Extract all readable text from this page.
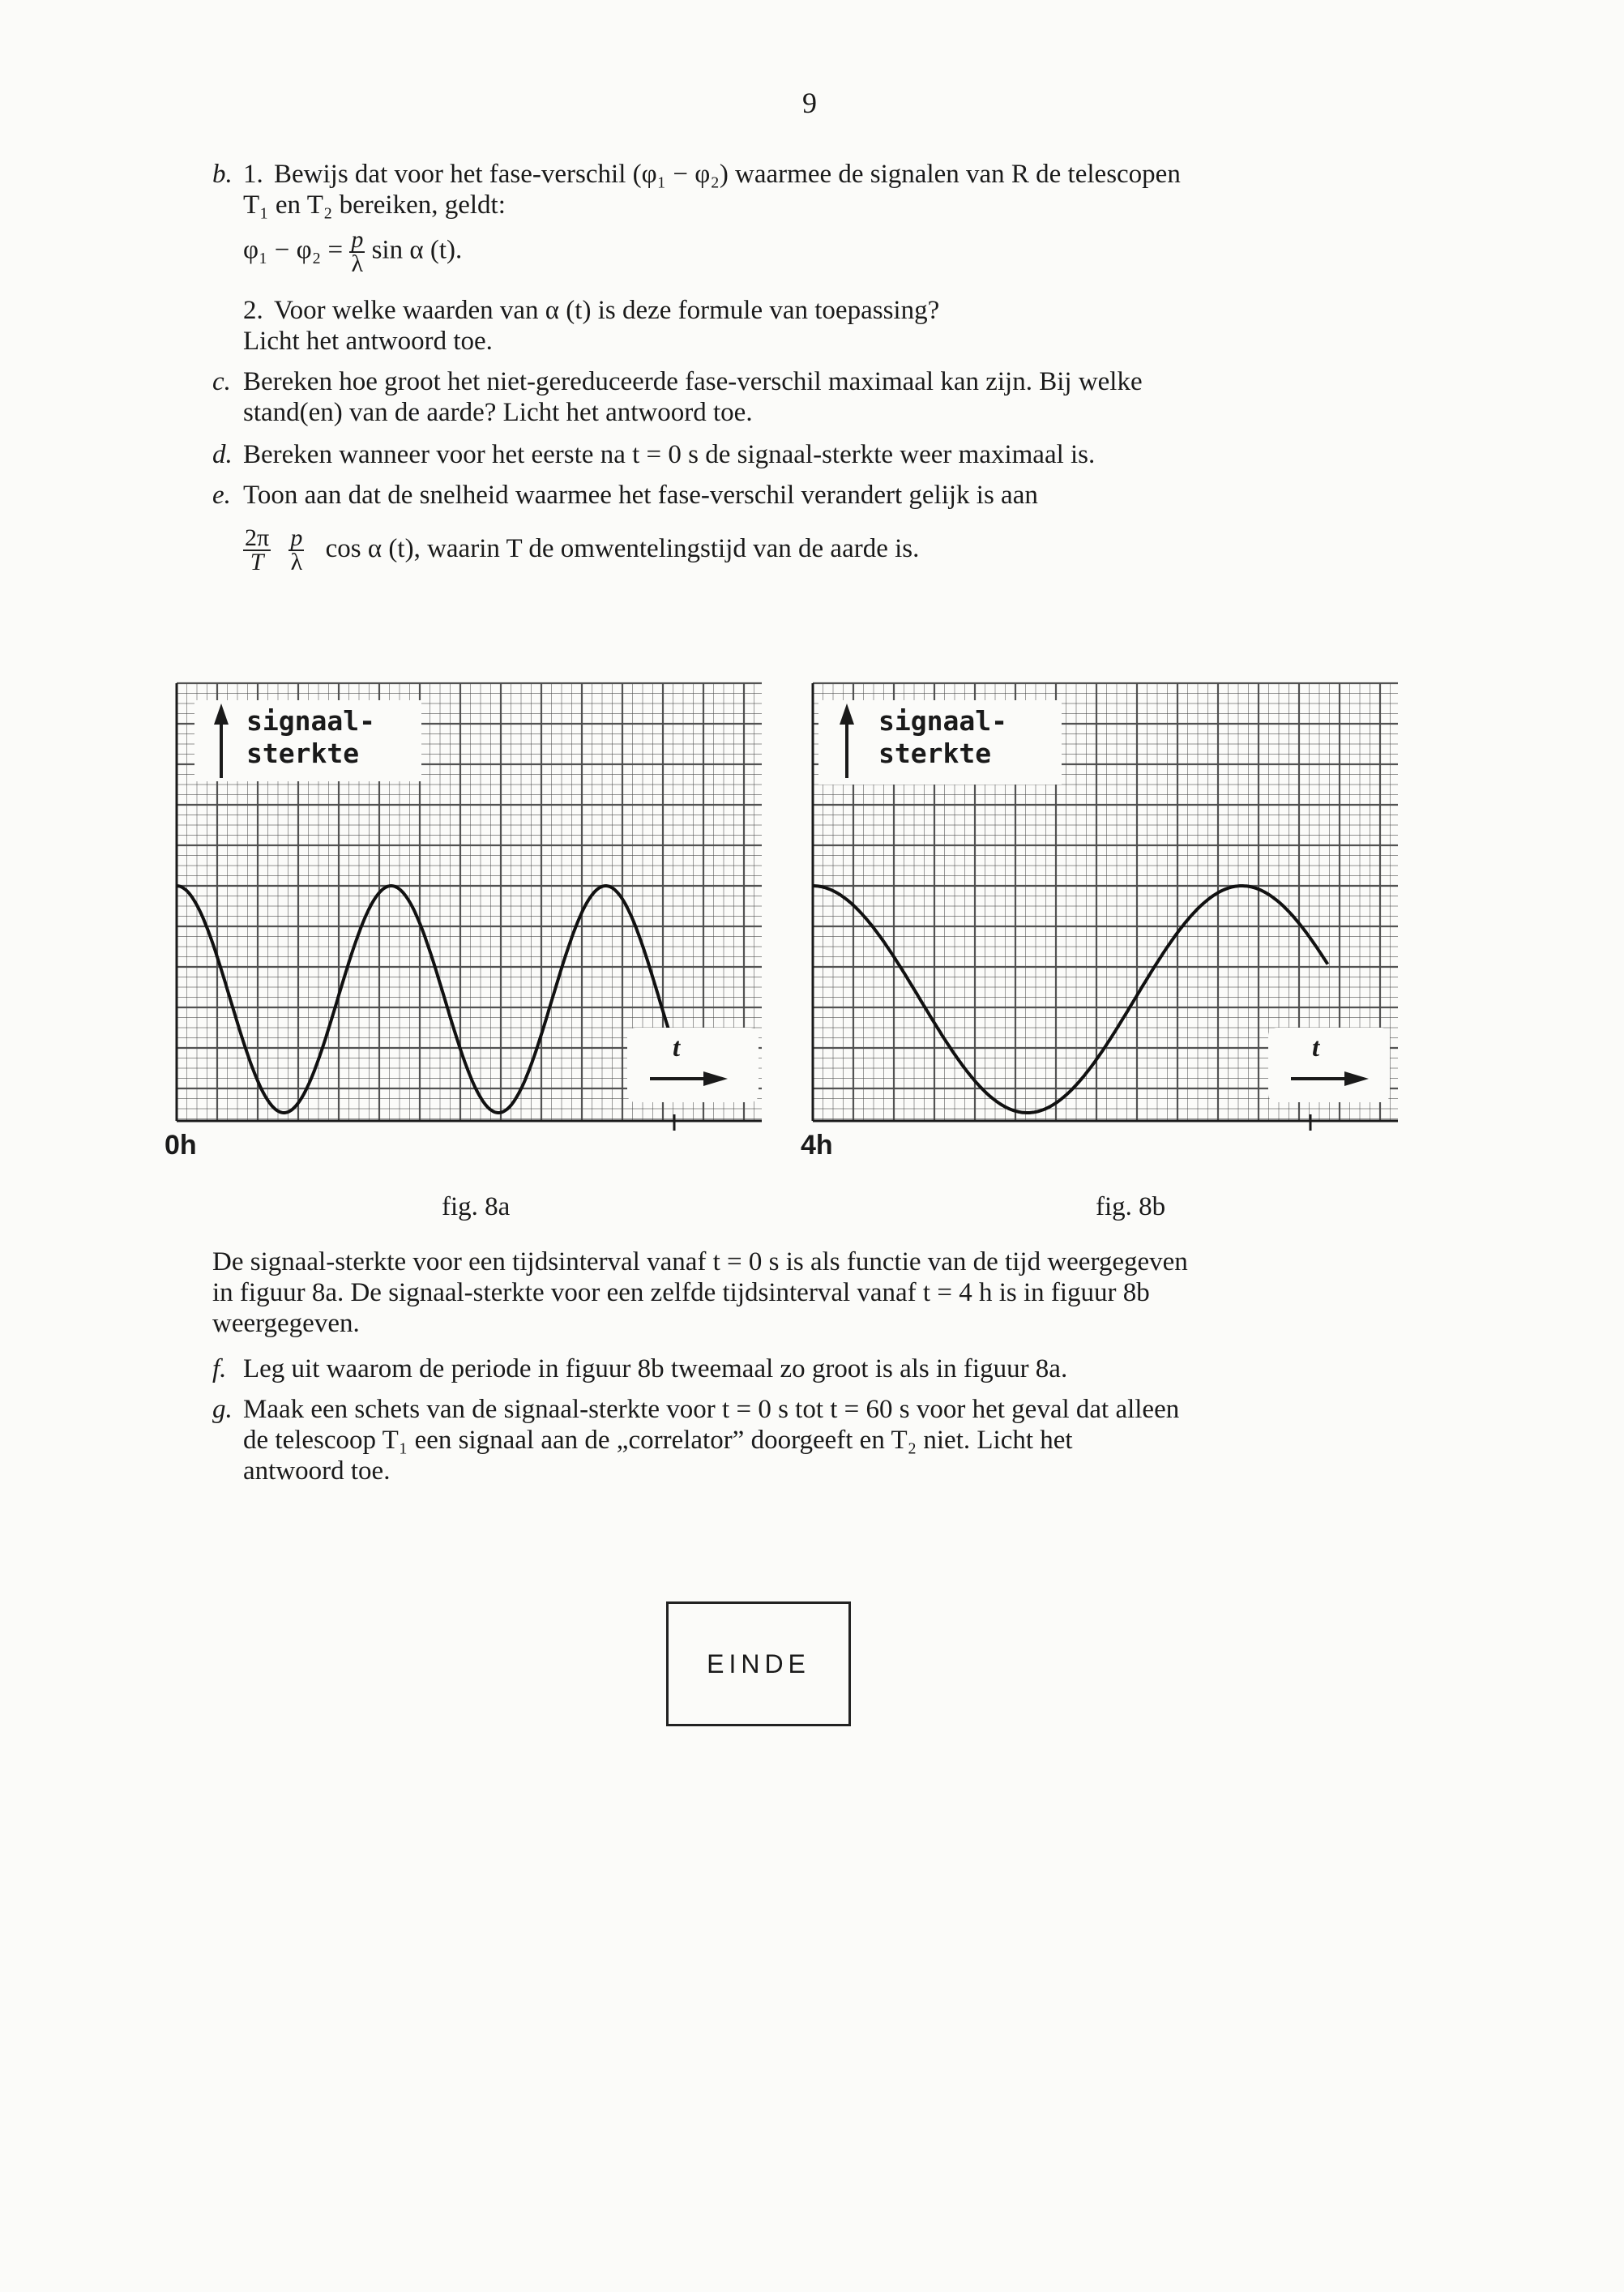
9
b. 1. Bewijs dat voor het fase-verschil (φ₁ − φ₂) waarmee de signalen van R de telescopen
T₁ en T₂ bereiken, geldt:
$\varphi_1 - \varphi_2 = \frac{p}{\lambda}$ sin α (t).
2. Voor welke waarden van α (t) is deze formule van toepassing?
Licht het antwoord toe.
c. Bereken hoe groot het niet-gereduceerde fase-verschil maximaal kan zijn. Bij welke
stand(en) van de aarde? Licht het antwoord toe.
d. Bereken wanneer voor het eerste na t = 0 s de signaal-sterkte weer maximaal is.
e. Toon aan dat de snelheid waarmee het fase-verschil verandert gelijk is aan
$\frac{2\pi}{T}$
$\frac{p}{\lambda}$ cos α (t), waarin T de omwentelingstijd van de aarde is.
signaal-
sterkte
t
0h
fig. 8a
signaal-
sterkte
t
4h
fig. 8b
De signaal-sterkte voor een tijdsinterval vanaf t = 0 s is als functie van de tijd weergegeven
in figuur 8a. De signaal-sterkte voor een zelfde tijdsinterval vanaf t = 4 h is in figuur 8b
weergegeven.
f. Leg uit waarom de periode in figuur 8b tweemaal zo groot is als in figuur 8a.
g. Maak een schets van de signaal-sterkte voor t = 0 s tot t = 60 s voor het geval dat alleen
de telescoop T₁ een signaal aan de „correlator” doorgeeft en T₂ niet. Licht het
antwoord toe.
EINDE
